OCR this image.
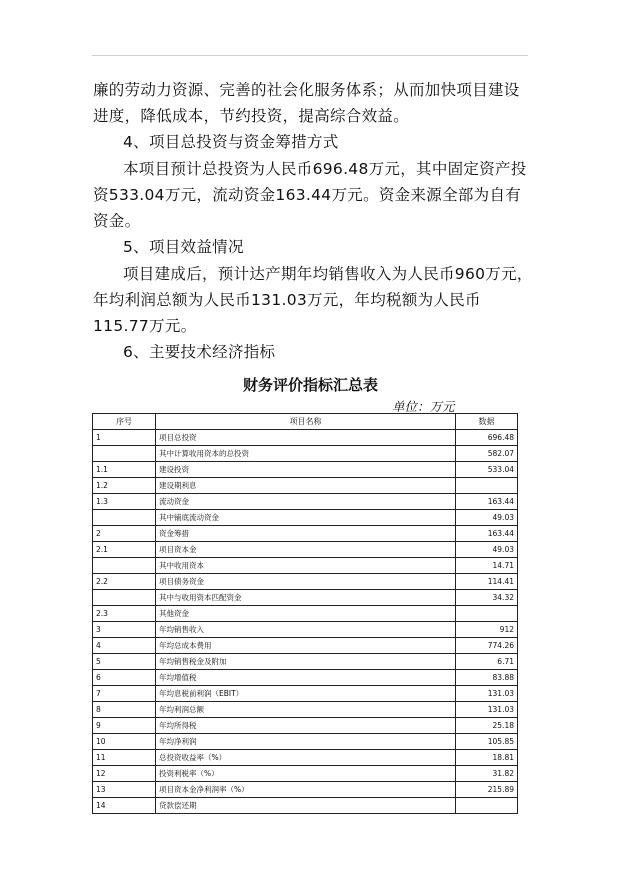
廉的劳动力资源、完善的社会化服务体系；从而加快项目建设
进度，降低成本，节约投资，提高综合效益。
4、项目总投资与资金筹措方式
本项目预计总投资为人民币696.48万元，其中固定资产投
资533.04万元，流动资金163.44万元。资金来源全部为自有
资金。
5、项目效益情况
项目建成后，预计达产期年均销售收入为人民币960万元，
年均利润总额为人民币131.03万元，年均税额为人民币
115.77万元。
6、主要技术经济指标
财务评价指标汇总表
单位：万元
序号	项目名称	数据
1	项目总投资	696.48
	其中计算收用资本的总投资	582.07
1.1	建设投资	533.04
1.2	建设期利息	
1.3	流动资金	163.44
	其中铺底流动资金	49.03
2	资金筹措	163.44
2.1	项目资本金	49.03
	其中收用资本	14.71
2.2	项目债务资金	114.41
	其中与收用资本匹配资金	34.32
2.3	其他资金	
3	年均销售收入	912
4	年均总成本费用	774.26
5	年均销售税金及附加	6.71
6	年均增值税	83.88
7	年均息税前利润（EBIT）	131.03
8	年均利润总额	131.03
9	年均所得税	25.18
10	年均净利润	105.85
11	总投资收益率（%）	18.81
12	投资利税率（%）	31.82
13	项目资本金净利润率（%）	215.89
14	贷款偿还期	
